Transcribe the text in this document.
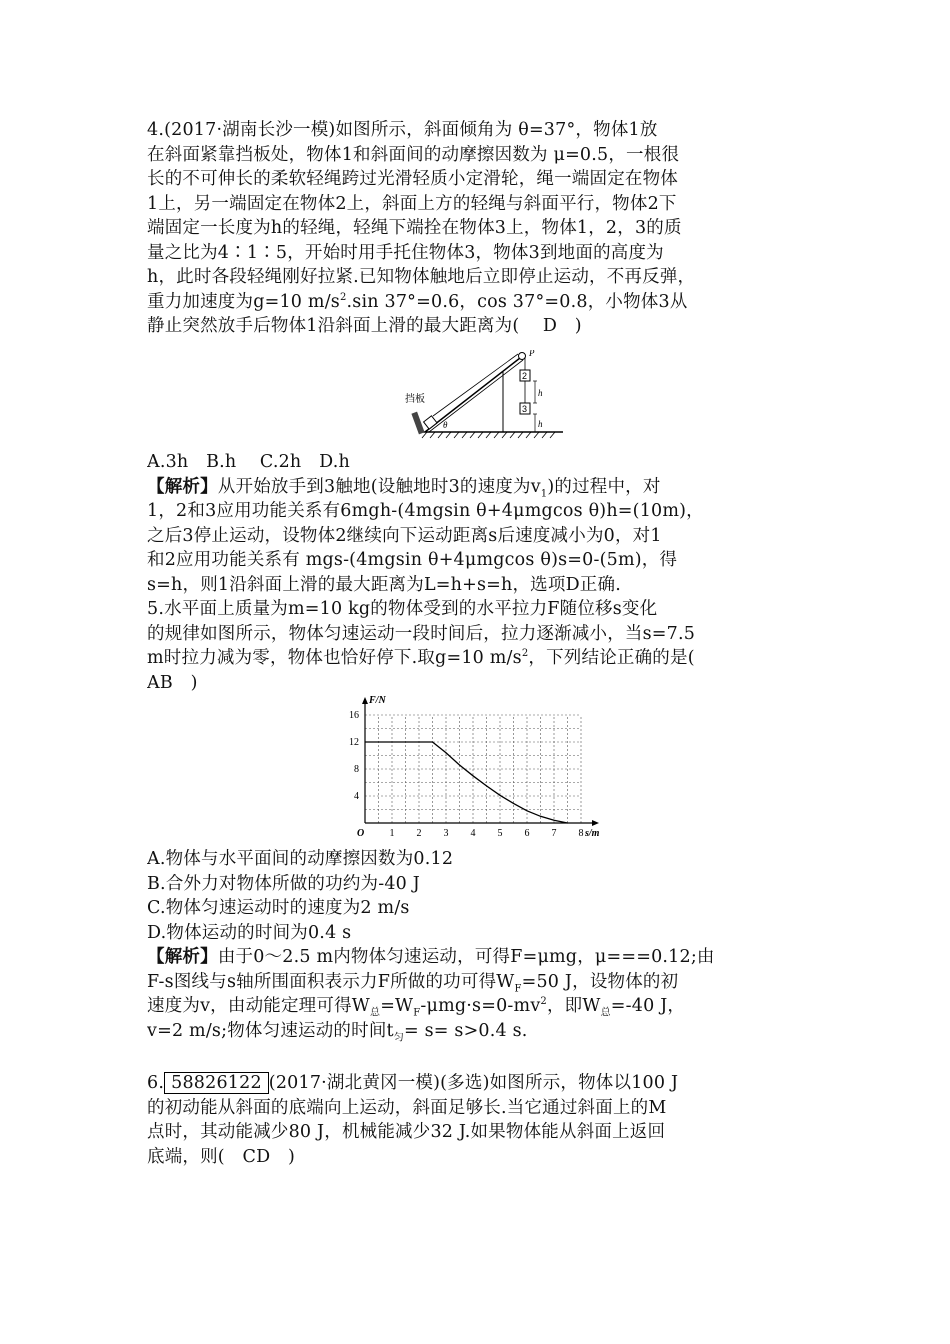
4.(2017·湖南长沙一模)如图所示，斜面倾角为 θ=37°，物体1放
在斜面紧靠挡板处，物体1和斜面间的动摩擦因数为 μ=0.5，一根很
长的不可伸长的柔软轻绳跨过光滑轻质小定滑轮，绳一端固定在物体
1上，另一端固定在物体2上，斜面上方的轻绳与斜面平行，物体2下
端固定一长度为h的轻绳，轻绳下端拴在物体3上，物体1，2，3的质
量之比为4∶1∶5，开始时用手托住物体3，物体3到地面的高度为
h，此时各段轻绳刚好拉紧.已知物体触地后立即停止运动，不再反弹，
重力加速度为g=10 $m/s^2.\sin$ 37°=0.6，cos 37°=0.8，小物体3从
静止突然放手后物体1沿斜面上滑的最大距离为(　 D　)
P
2
3
h
h
挡板
θ
A.3h　B.h　 C.2h　D.h
【解析】从开始放手到3触地(设触地时3的速度为$v_1$)的过程中，对
1，2和3应用功能关系有6mgh-(4mgsin θ+4μmgcos θ)h=(10m)，
之后3停止运动，设物体2继续向下运动距离s后速度减小为0，对1
和2应用功能关系有 mgs-(4mgsin θ+4μmgcos θ)s=0-(5m)，得
s=h，则1沿斜面上滑的最大距离为L=h+s=h，选项D正确.
5.水平面上质量为m=10 kg的物体受到的水平拉力F随位移s变化
的规律如图所示，物体匀速运动一段时间后，拉力逐渐减小，当s=7.5
m时拉力减为零，物体也恰好停下.取g=10 $m/s^2$，下列结论正确的是(
AB　)
1 2 3 4 5 6 7 8
4
8
12
16
O	s/m
F/N
A.物体与水平面间的动摩擦因数为0.12
B.合外力对物体所做的功约为-40 J
C.物体匀速运动时的速度为2 m/s
D.物体运动的时间为0.4 s
【解析】由于0～2.5 m内物体匀速运动，可得F=μmg，μ===0.12;由
F-s图线与s轴所围面积表示力F所做的功可得$W_F=50$ J，设物体的初
速度为v，由动能定理可得$W_总=W_F-\mu mg\cdot s=0-mv^2$，即$W_总=-40$ J，
v=2 m/s;物体匀速运动的时间$t_匀= s= s>0.4$ s.
6. 58826122 (2017·湖北黄冈一模)(多选)如图所示，物体以100 J
的初动能从斜面的底端向上运动，斜面足够长.当它通过斜面上的M
点时，其动能减少80 J，机械能减少32 J.如果物体能从斜面上返回
底端，则(　CD　)
